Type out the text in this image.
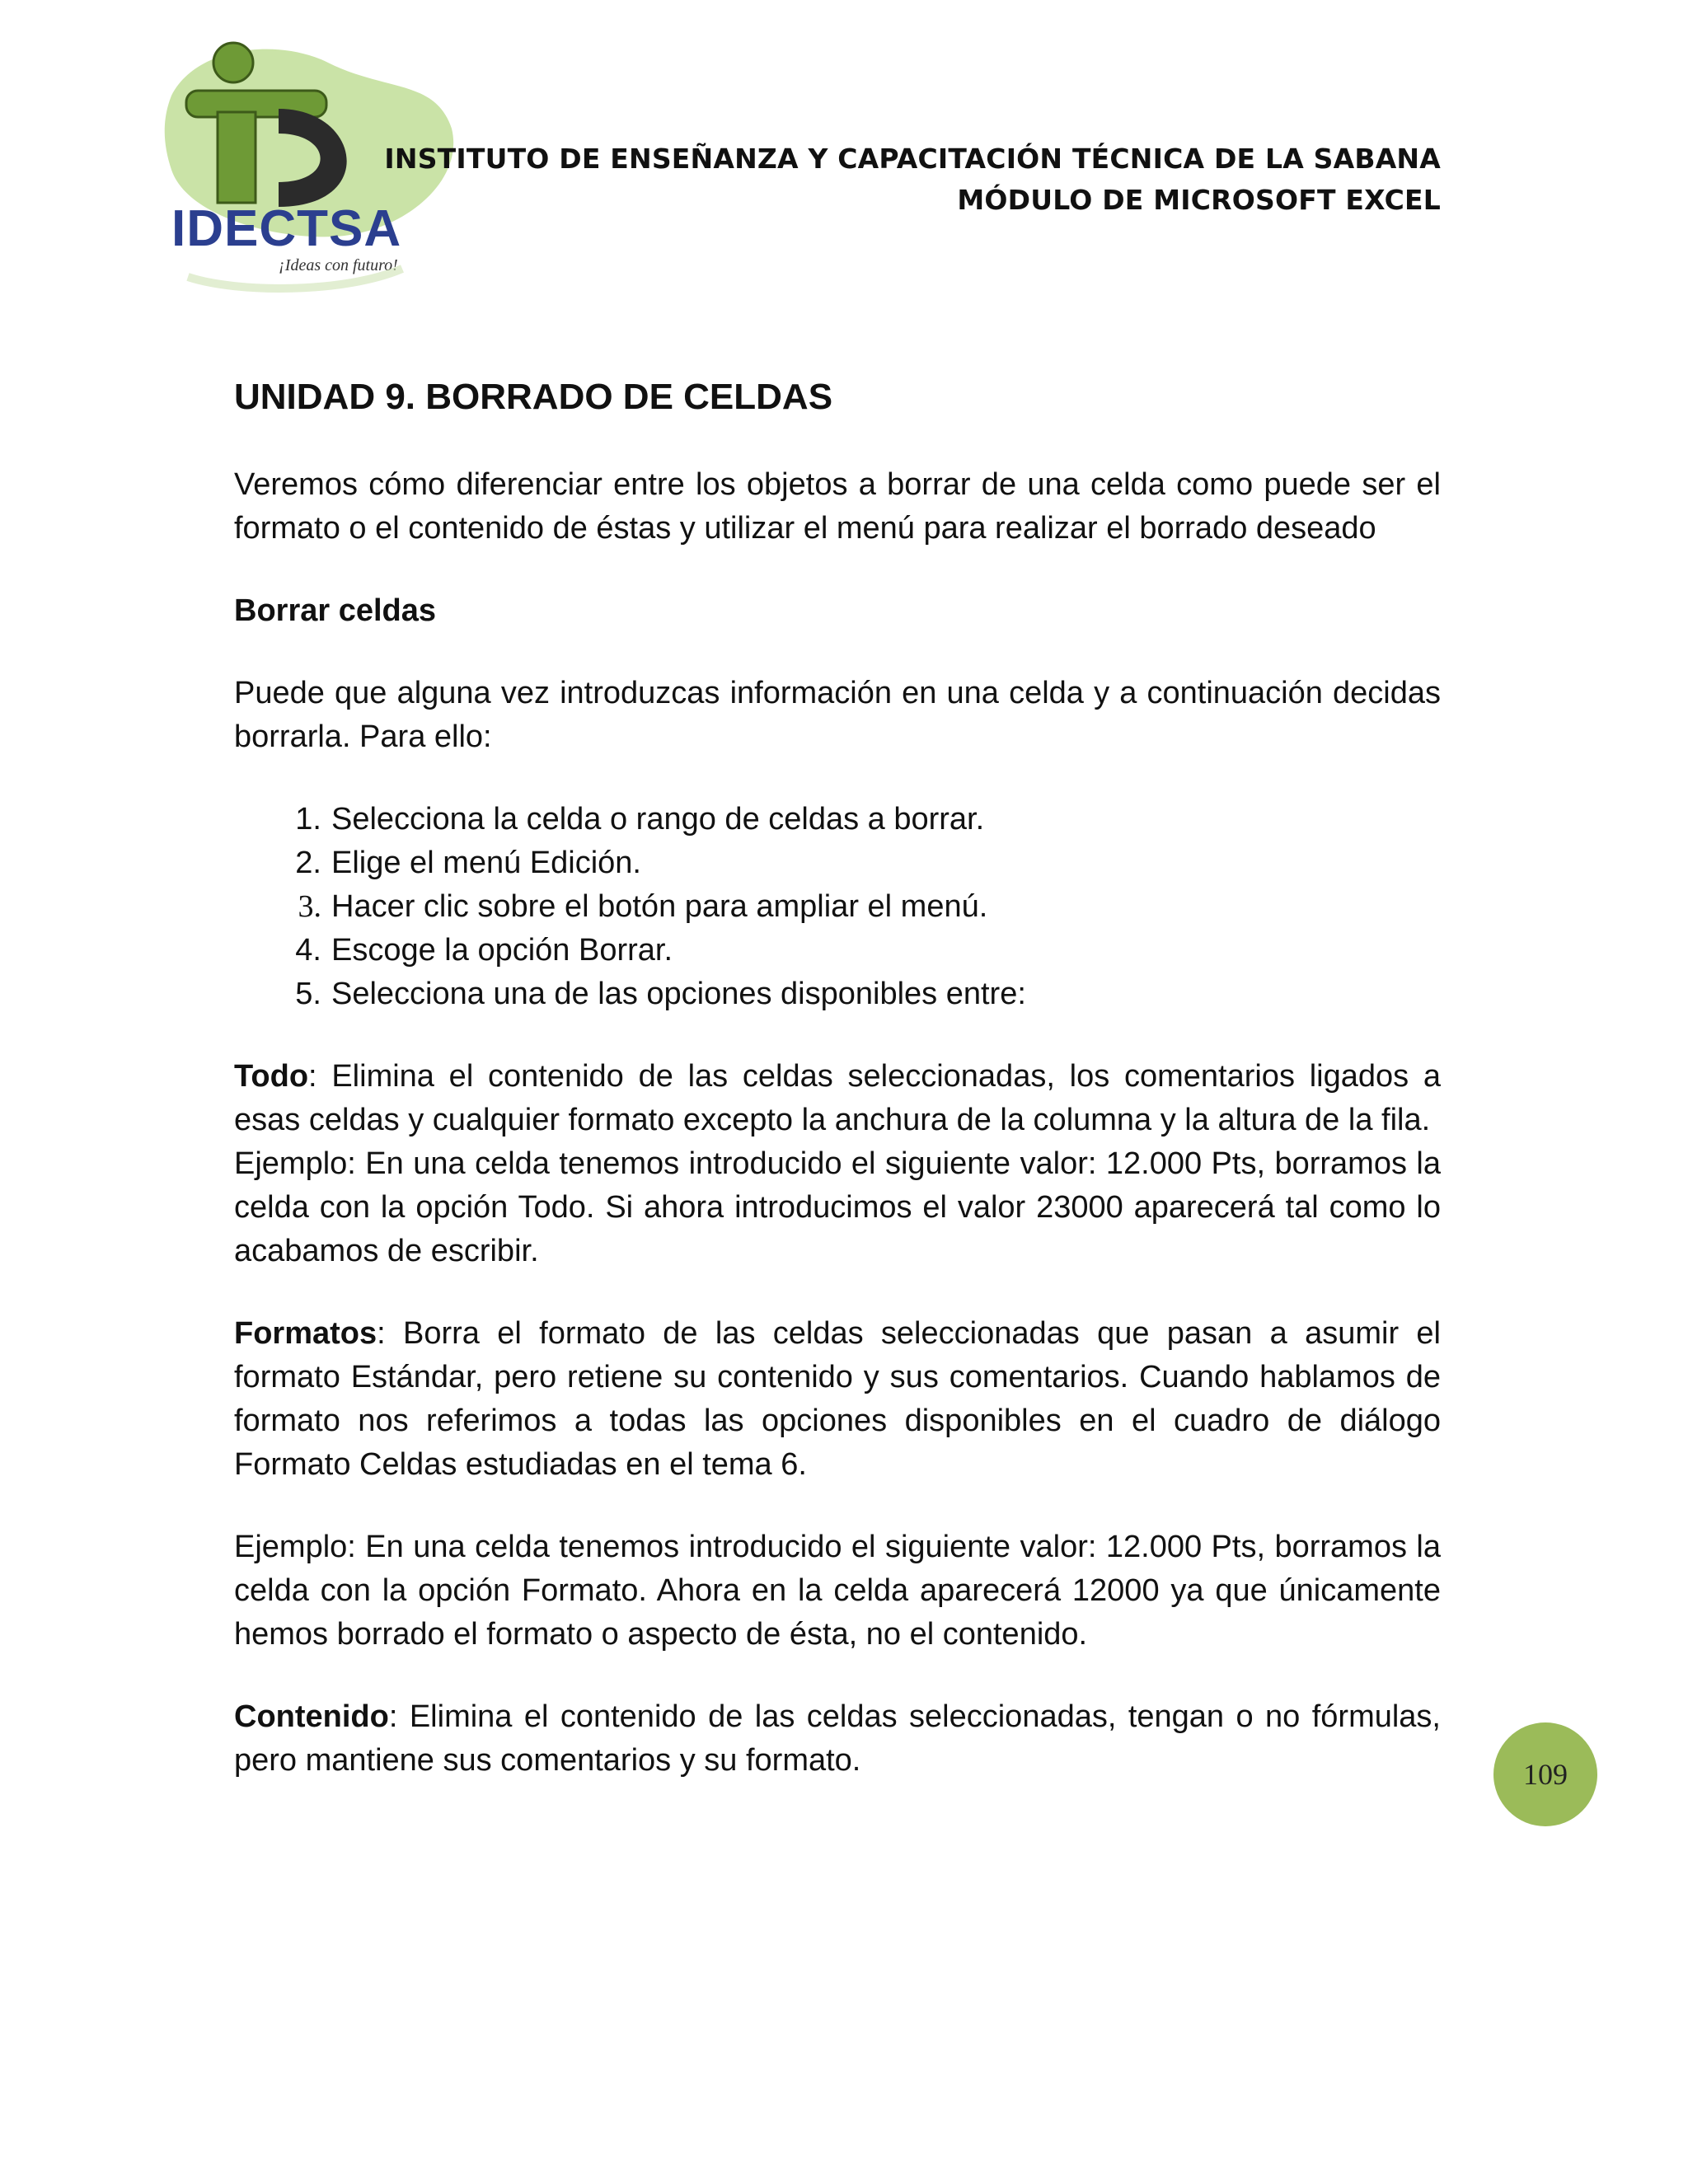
IDECTSA
¡Ideas con futuro!
INSTITUTO DE ENSEÑANZA Y CAPACITACIÓN TÉCNICA DE LA SABANA
MÓDULO DE MICROSOFT EXCEL
UNIDAD 9. BORRADO DE CELDAS

Veremos cómo diferenciar entre los objetos a borrar de una celda como puede ser el formato o el contenido de éstas y utilizar el menú para realizar el borrado deseado

Borrar celdas

Puede que alguna vez introduzcas información en una celda y a continuación decidas borrarla. Para ello:

1. Selecciona la celda o rango de celdas a borrar.
2. Elige el menú Edición.
3. Hacer clic sobre el botón para ampliar el menú.
4. Escoge la opción Borrar.
5. Selecciona una de las opciones disponibles entre:

Todo: Elimina el contenido de las celdas seleccionadas, los comentarios ligados a esas celdas y cualquier formato excepto la anchura de la columna y la altura de la fila.

Ejemplo: En una celda tenemos introducido el siguiente valor: 12.000 Pts, borramos la celda con la opción Todo. Si ahora introducimos el valor 23000 aparecerá tal como lo acabamos de escribir.

Formatos: Borra el formato de las celdas seleccionadas que pasan a asumir el formato Estándar, pero retiene su contenido y sus comentarios. Cuando hablamos de formato nos referimos a todas las opciones disponibles en el cuadro de diálogo Formato Celdas estudiadas en el tema 6.

Ejemplo: En una celda tenemos introducido el siguiente valor: 12.000 Pts, borramos la celda con la opción Formato. Ahora en la celda aparecerá 12000 ya que únicamente hemos borrado el formato o aspecto de ésta, no el contenido.

Contenido: Elimina el contenido de las celdas seleccionadas, tengan o no fórmulas, pero mantiene sus comentarios y su formato.	109
